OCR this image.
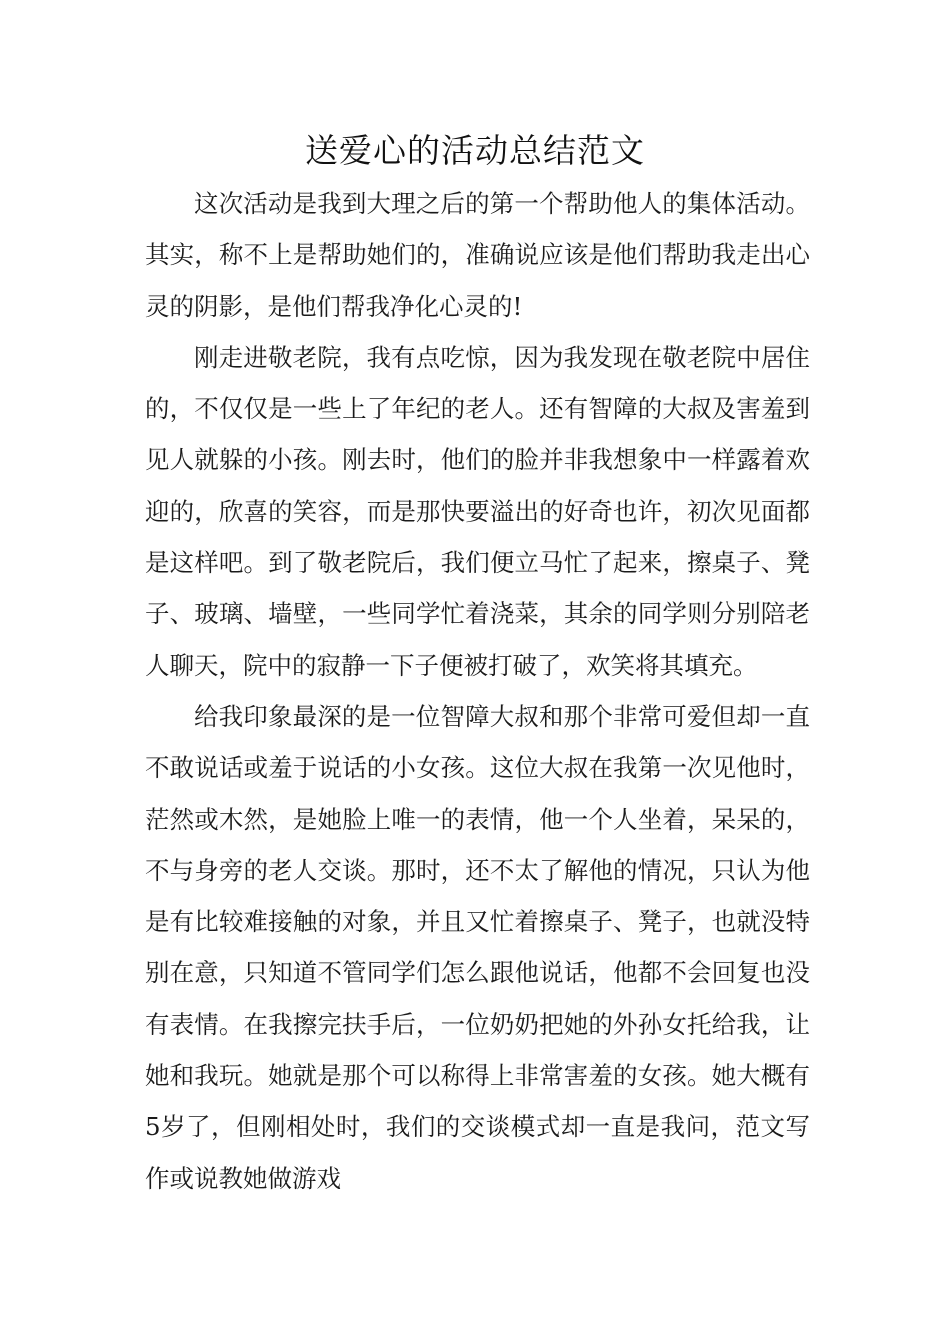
送爱心的活动总结范文

这次活动是我到大理之后的第一个帮助他人的集体活动。其实，称不上是帮助她们的，准确说应该是他们帮助我走出心灵的阴影，是他们帮我净化心灵的!

刚走进敬老院，我有点吃惊，因为我发现在敬老院中居住的，不仅仅是一些上了年纪的老人。还有智障的大叔及害羞到见人就躲的小孩。刚去时，他们的脸并非我想象中一样露着欢迎的，欣喜的笑容，而是那快要溢出的好奇也许，初次见面都是这样吧。到了敬老院后，我们便立马忙了起来，擦桌子、凳子、玻璃、墙壁，一些同学忙着浇菜，其余的同学则分别陪老人聊天，院中的寂静一下子便被打破了，欢笑将其填充。

给我印象最深的是一位智障大叔和那个非常可爱但却一直不敢说话或羞于说话的小女孩。这位大叔在我第一次见他时，茫然或木然，是她脸上唯一的表情，他一个人坐着，呆呆的，不与身旁的老人交谈。那时，还不太了解他的情况，只认为他是有比较难接触的对象，并且又忙着擦桌子、凳子，也就没特别在意，只知道不管同学们怎么跟他说话，他都不会回复也没有表情。在我擦完扶手后，一位奶奶把她的外孙女托给我，让她和我玩。她就是那个可以称得上非常害羞的女孩。她大概有5岁了，但刚相处时，我们的交谈模式却一直是我问，范文写作或说教她做游戏
